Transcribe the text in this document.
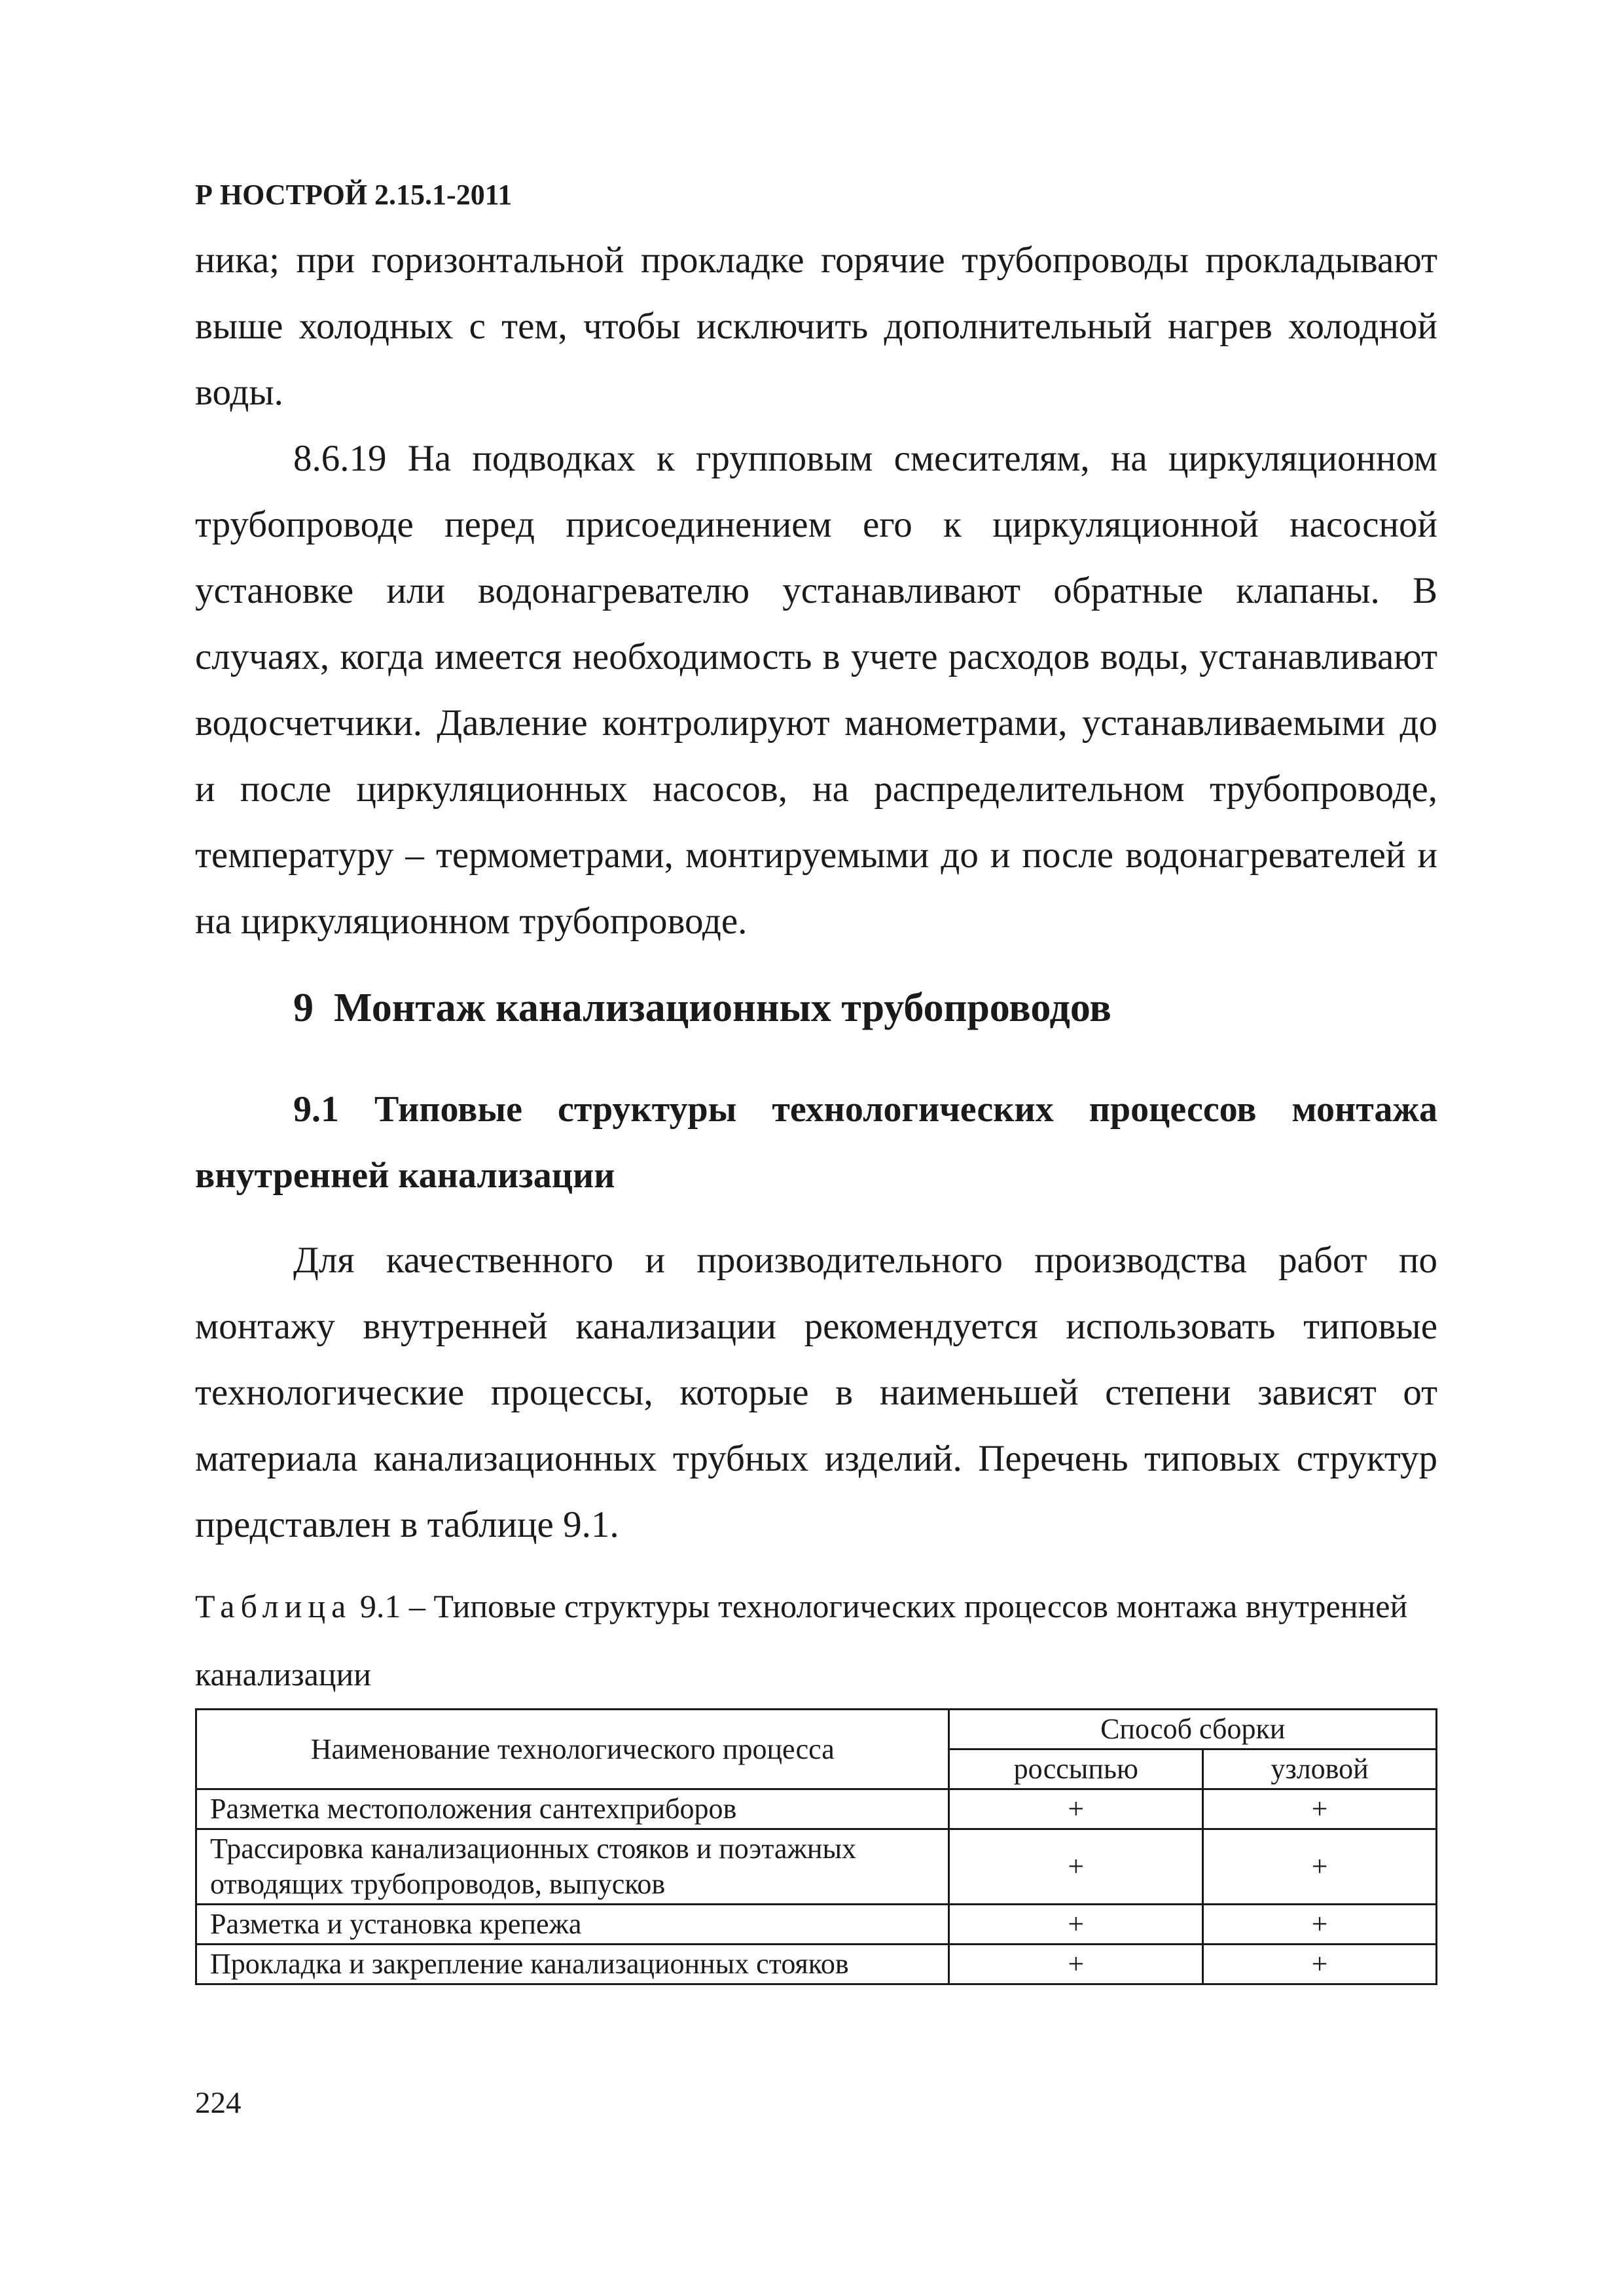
Р НОСТРОЙ 2.15.1-2011
ника; при горизонтальной прокладке горячие трубопроводы прокладывают выше холодных с тем, чтобы исключить дополнительный нагрев холодной воды.
8.6.19 На подводках к групповым смесителям, на циркуляционном трубопроводе перед присоединением его к циркуляционной насосной установке или водонагревателю устанавливают обратные клапаны. В случаях, когда имеется необходимость в учете расходов воды, устанавливают водосчетчики. Давление контролируют манометрами, устанавливаемыми до и после циркуляционных насосов, на распределительном трубопроводе, температуру – термометрами, монтируемыми до и после водонагревателей и на циркуляционном трубопроводе.
9 Монтаж канализационных трубопроводов
9.1 Типовые структуры технологических процессов монтажа внутренней канализации
Для качественного и производительного производства работ по монтажу внутренней канализации рекомендуется использовать типовые технологические процессы, которые в наименьшей степени зависят от материала канализационных трубных изделий. Перечень типовых структур представлен в таблице 9.1.
Таблица 9.1 – Типовые структуры технологических процессов монтажа внутренней канализации
Наименование технологического процесса	Способ сборки	
	россыпью	узловой
Разметка местоположения сантехприборов	+	+
Трассировка канализационных стояков и поэтажных отводящих трубопроводов, выпусков	+	+
Разметка и установка крепежа	+	+
Прокладка и закрепление канализационных стояков	+	+
224
